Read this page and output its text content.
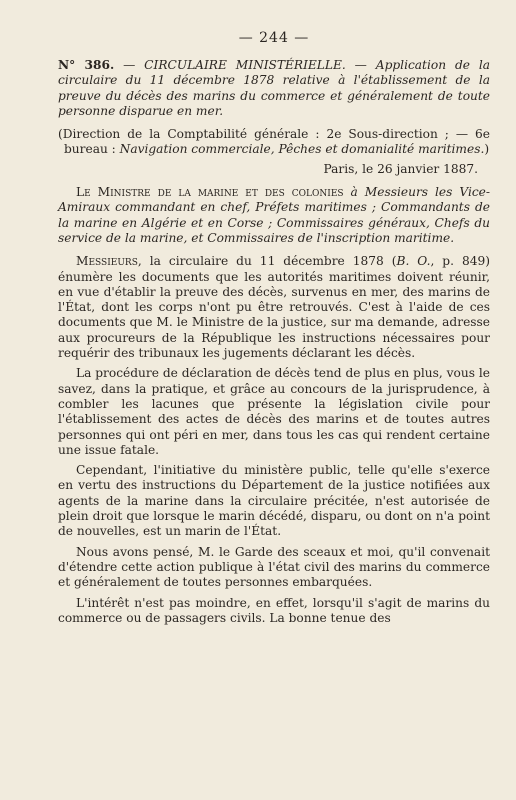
— 244 —

N° 386. — CIRCULAIRE MINISTÉRIELLE. — Application de la circulaire du 11 décembre 1878 relative à l'établissement de la preuve du décès des marins du commerce et généralement de toute personne disparue en mer.

(Direction de la Comptabilité générale : 2e Sous-direction ; — 6e bureau : Navigation commerciale, Pêches et domanialité maritimes.)

Paris, le 26 janvier 1887.

Le Ministre de la marine et des colonies à Messieurs les Vice-Amiraux commandant en chef, Préfets maritimes ; Commandants de la marine en Algérie et en Corse ; Commissaires généraux, Chefs du service de la marine, et Commissaires de l'inscription maritime.

Messieurs, la circulaire du 11 décembre 1878 (B. O., p. 849) énumère les documents que les autorités maritimes doivent réunir, en vue d'établir la preuve des décès, survenus en mer, des marins de l'État, dont les corps n'ont pu être retrouvés. C'est à l'aide de ces documents que M. le Ministre de la justice, sur ma demande, adresse aux procureurs de la République les instructions nécessaires pour requérir des tribunaux les jugements déclarant les décès.

La procédure de déclaration de décès tend de plus en plus, vous le savez, dans la pratique, et grâce au concours de la jurisprudence, à combler les lacunes que présente la législation civile pour l'établissement des actes de décès des marins et de toutes autres personnes qui ont péri en mer, dans tous les cas qui rendent certaine une issue fatale.

Cependant, l'initiative du ministère public, telle qu'elle s'exerce en vertu des instructions du Département de la justice notifiées aux agents de la marine dans la circulaire précitée, n'est autorisée de plein droit que lorsque le marin décédé, disparu, ou dont on n'a point de nouvelles, est un marin de l'État.

Nous avons pensé, M. le Garde des sceaux et moi, qu'il convenait d'étendre cette action publique à l'état civil des marins du commerce et généralement de toutes personnes embarquées.

L'intérêt n'est pas moindre, en effet, lorsqu'il s'agit de marins du commerce ou de passagers civils. La bonne tenue des
